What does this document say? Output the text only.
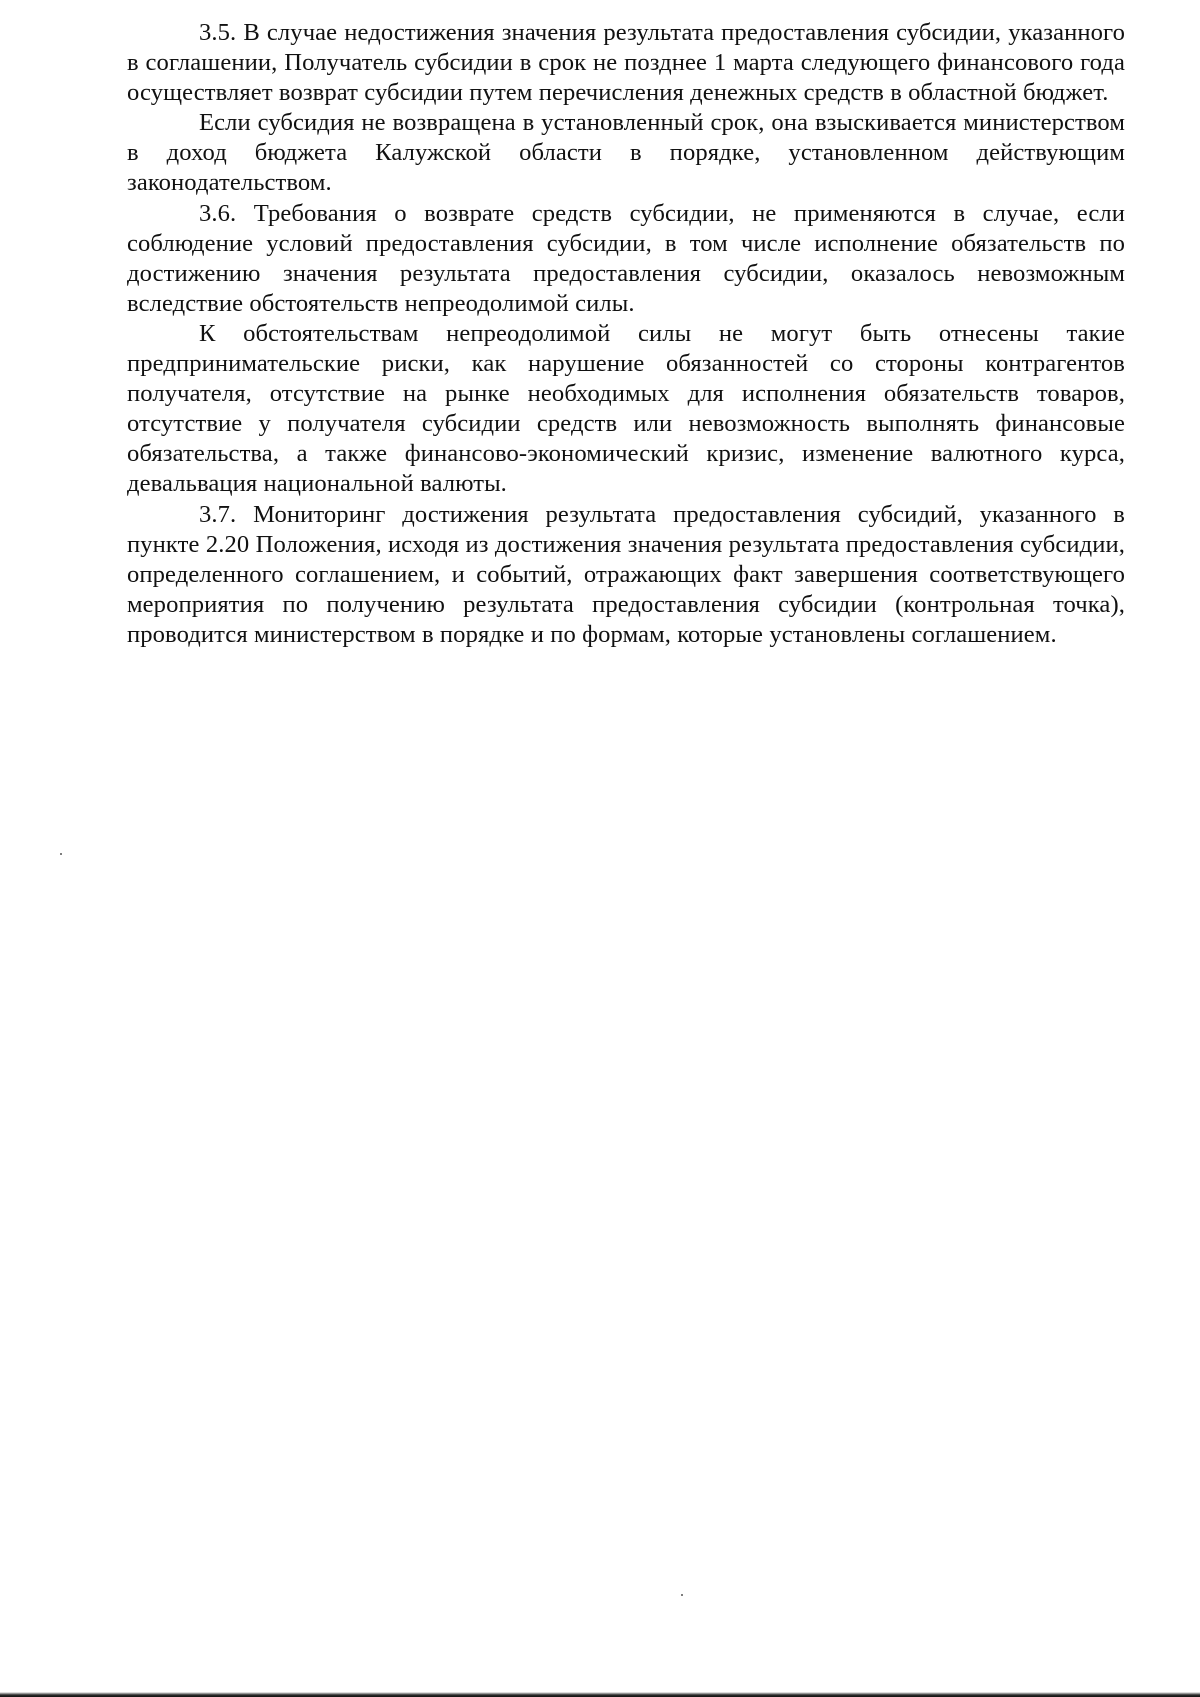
3.5. В случае недостижения значения результата предоставления субсидии, указанного в соглашении, Получатель субсидии в срок не позднее 1 марта следующего финансового года осуществляет возврат субсидии путем перечисления денежных средств в областной бюджет.

Если субсидия не возвращена в установленный срок, она взыскивается министерством в доход бюджета Калужской области в порядке, установленном действующим законодательством.

3.6. Требования о возврате средств субсидии, не применяются в случае, если соблюдение условий предоставления субсидии, в том числе исполнение обязательств по достижению значения результата предоставления субсидии, оказалось невозможным вследствие обстоятельств непреодолимой силы.

К обстоятельствам непреодолимой силы не могут быть отнесены такие предпринимательские риски, как нарушение обязанностей со стороны контрагентов получателя, отсутствие на рынке необходимых для исполнения обязательств товаров, отсутствие у получателя субсидии средств или невозможность выполнять финансовые обязательства, а также финансово-экономический кризис, изменение валютного курса, девальвация национальной валюты.

3.7. Мониторинг достижения результата предоставления субсидий, указанного в пункте 2.20 Положения, исходя из достижения значения результата предоставления субсидии, определенного соглашением, и событий, отражающих факт завершения соответствующего мероприятия по получению результата предоставления субсидии (контрольная точка), проводится министерством в порядке и по формам, которые установлены соглашением.
